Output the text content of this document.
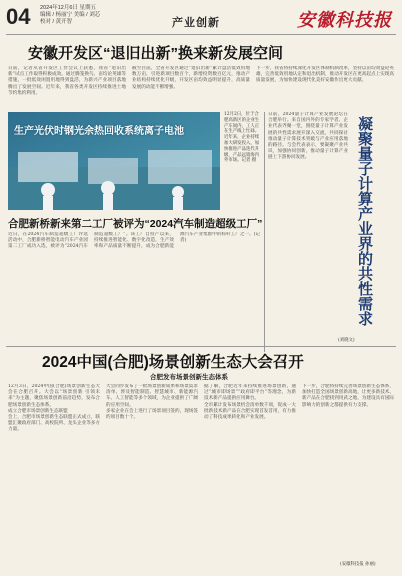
04 2024年12月6日 星期五
编辑 / 杨丽宁 美编 / 刘芯
校对 / 黄开智	产业创新	安徽科技报
安徽开发区“退旧出新”换来新发展空间
日前，记者从省开发区工作会议上获悉，我省“退旧出新”试点工作取得积极成效。通过腾笼换鸟、亩均论英雄等措施，一批低效闲置用地得到盘活，为新兴产业项目落地腾出了发展空间。近年来，我省各类开发区持续推进土地节约集约利用。
截至目前，全省开发区通过“退旧出新”累计盘活低效用地数万亩，引进新项目数百个，新增投资数百亿元，推动产业结构持续优化升级，开发区亩均效益明显提升，高质量发展的动能不断增强。
下一步，我省将持续深化开发区体制机制改革，坚持以亩均效益论英雄，完善低效用地认定和退出机制，推动开发区在更高起点上实现高质量发展，为加快建设现代化美好安徽作出更大贡献。
生产光伏时钢光余热回收系统离子电池
12月2日，位于合肥高新区的企业生产车间内，工人正在生产线上忙碌。近年来，企业持续加大研发投入，加快推进产品迭代升级，产品远销海内外市场。记者 摄
合肥新桥新来第二工厂被评为“2024汽车制造超级工厂”
近日，在2024汽车制造超级工厂评选活动中，合肥新桥智能电动汽车产业园第二工厂成功入选，被评为“2024汽车制造超级工厂”。该工厂自投产以来，持续推进智能化、数字化改造，生产效率和产品质量不断提升，成为合肥新能源汽车产业集群中的标杆工厂之一。(记者)
日前，2024量子计算产业发展论坛在合肥举行。来自国内外的专家学者、企业代表齐聚一堂，围绕量子计算产业发展的共性需求展开深入交流，共同探讨推动量子计算技术突破与产业应用落地的路径。与会代表表示，要凝聚产业共识，加强协同创新，推动量子计算产业链上下游协同发展。	凝聚量子计算产业界的共性需求
(刘晓文)
2024中国(合肥)场景创新生态大会召开
合肥发布场景创新生态体系
12月3日，2024中国(合肥)场景创新生态大会在合肥召开。大会以“场景创新 引领未来”为主题，聚焦场景创新前沿趋势，发布合肥场景创新生态体系。
成立合肥市场景创新生态联盟
会上，合肥市场景创新生态联盟正式成立，联盟汇聚政府部门、高校院所、龙头企业等多方力量。
大会同步发布了一批场景创新成果和场景需求清单，涉及智能制造、智慧城市、新能源汽车、人工智能等多个领域，为企业提供了广阔的应用空间。
多家企业在会上进行了场景项目签约，现场签约项目数十个。
据了解，合肥近年来持续推进场景创新，通过“城市即场景”“政府即平台”等理念，为新技术新产品提供应用舞台。
全市累计发布场景机会清单数千项，促成一大批新技术新产品在合肥实现首发首用，有力推动了科技成果转化和产业发展。
下一步，合肥将持续完善场景创新生态体系，加快打造全国场景创新高地，让更多新技术、新产品在合肥找到用武之地，为建设具有国际影响力的创新之都提供有力支撑。
(安徽科技报 孙丽)
